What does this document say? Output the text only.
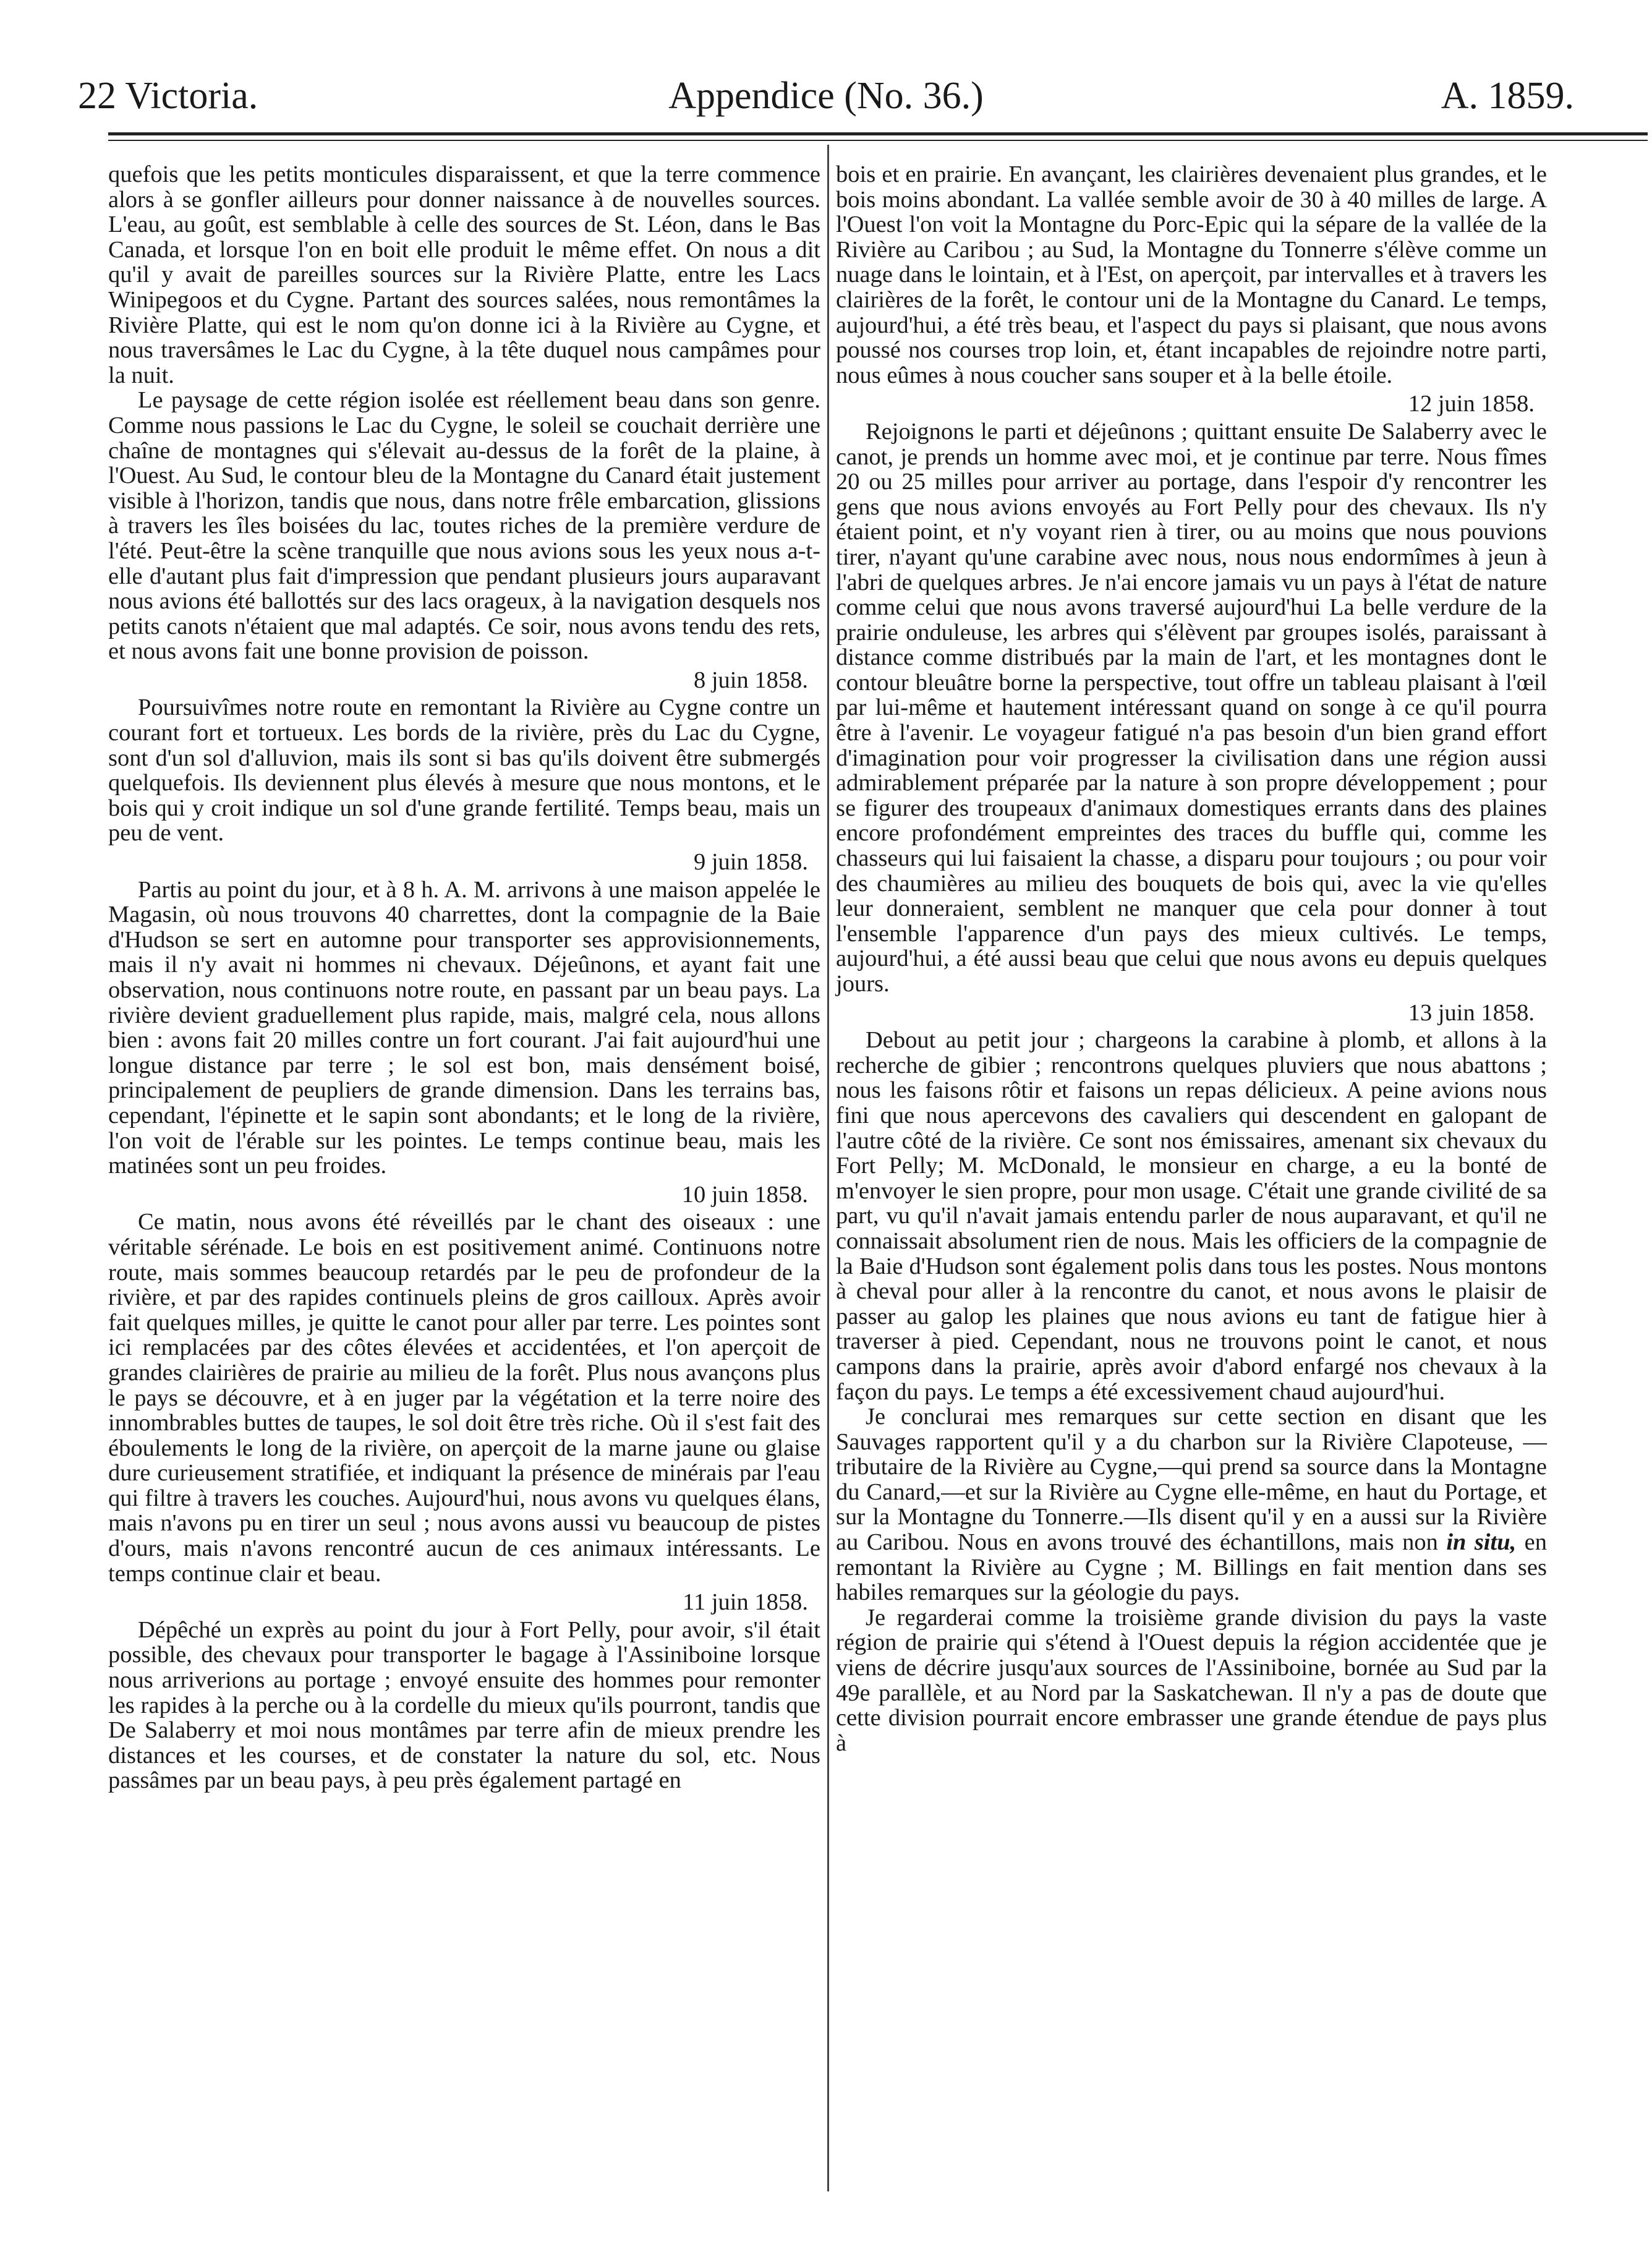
22 Victoria.	Appendice (No. 36.)	A. 1859.

quefois que les petits monticules disparaissent, et que la terre commence alors à se gonfler ailleurs pour donner naissance à de nouvelles sources. L'eau, au goût, est semblable à celle des sources de St. Léon, dans le Bas Canada, et lorsque l'on en boit elle produit le même effet. On nous a dit qu'il y avait de pareilles sources sur la Rivière Platte, entre les Lacs Winipegoos et du Cygne. Partant des sources salées, nous remontâmes la Rivière Platte, qui est le nom qu'on donne ici à la Rivière au Cygne, et nous traversâmes le Lac du Cygne, à la tête duquel nous campâmes pour la nuit.

Le paysage de cette région isolée est réellement beau dans son genre. Comme nous passions le Lac du Cygne, le soleil se couchait derrière une chaîne de montagnes qui s'élevait au-dessus de la forêt de la plaine, à l'Ouest. Au Sud, le contour bleu de la Montagne du Canard était justement visible à l'horizon, tandis que nous, dans notre frêle embarcation, glissions à travers les îles boisées du lac, toutes riches de la première verdure de l'été. Peut-être la scène tranquille que nous avions sous les yeux nous a-t-elle d'autant plus fait d'impression que pendant plusieurs jours auparavant nous avions été ballottés sur des lacs orageux, à la navigation desquels nos petits canots n'étaient que mal adaptés. Ce soir, nous avons tendu des rets, et nous avons fait une bonne provision de poisson.

8 juin 1858.

Poursuivîmes notre route en remontant la Rivière au Cygne contre un courant fort et tortueux. Les bords de la rivière, près du Lac du Cygne, sont d'un sol d'alluvion, mais ils sont si bas qu'ils doivent être submergés quelquefois. Ils deviennent plus élevés à mesure que nous montons, et le bois qui y croit indique un sol d'une grande fertilité. Temps beau, mais un peu de vent.

9 juin 1858.

Partis au point du jour, et à 8 h. A. M. arrivons à une maison appelée le Magasin, où nous trouvons 40 charrettes, dont la compagnie de la Baie d'Hudson se sert en automne pour transporter ses approvisionnements, mais il n'y avait ni hommes ni chevaux. Déjeûnons, et ayant fait une observation, nous continuons notre route, en passant par un beau pays. La rivière devient graduellement plus rapide, mais, malgré cela, nous allons bien : avons fait 20 milles contre un fort courant. J'ai fait aujourd'hui une longue distance par terre ; le sol est bon, mais densément boisé, principalement de peupliers de grande dimension. Dans les terrains bas, cependant, l'épinette et le sapin sont abondants; et le long de la rivière, l'on voit de l'érable sur les pointes. Le temps continue beau, mais les matinées sont un peu froides.

10 juin 1858.

Ce matin, nous avons été réveillés par le chant des oiseaux : une véritable sérénade. Le bois en est positivement animé. Continuons notre route, mais sommes beaucoup retardés par le peu de profondeur de la rivière, et par des rapides continuels pleins de gros cailloux. Après avoir fait quelques milles, je quitte le canot pour aller par terre. Les pointes sont ici remplacées par des côtes élevées et accidentées, et l'on aperçoit de grandes clairières de prairie au milieu de la forêt. Plus nous avançons plus le pays se découvre, et à en juger par la végétation et la terre noire des innombrables buttes de taupes, le sol doit être très riche. Où il s'est fait des éboulements le long de la rivière, on aperçoit de la marne jaune ou glaise dure curieusement stratifiée, et indiquant la présence de minérais par l'eau qui filtre à travers les couches. Aujourd'hui, nous avons vu quelques élans, mais n'avons pu en tirer un seul ; nous avons aussi vu beaucoup de pistes d'ours, mais n'avons rencontré aucun de ces animaux intéressants. Le temps continue clair et beau.

11 juin 1858.

Dépêché un exprès au point du jour à Fort Pelly, pour avoir, s'il était possible, des chevaux pour transporter le bagage à l'Assiniboine lorsque nous arriverions au portage ; envoyé ensuite des hommes pour remonter les rapides à la perche ou à la cordelle du mieux qu'ils pourront, tandis que De Salaberry et moi nous montâmes par terre afin de mieux prendre les distances et les courses, et de constater la nature du sol, etc. Nous passâmes par un beau pays, à peu près également partagé en

bois et en prairie. En avançant, les clairières devenaient plus grandes, et le bois moins abondant. La vallée semble avoir de 30 à 40 milles de large. A l'Ouest l'on voit la Montagne du Porc-Epic qui la sépare de la vallée de la Rivière au Caribou ; au Sud, la Montagne du Tonnerre s'élève comme un nuage dans le lointain, et à l'Est, on aperçoit, par intervalles et à travers les clairières de la forêt, le contour uni de la Montagne du Canard. Le temps, aujourd'hui, a été très beau, et l'aspect du pays si plaisant, que nous avons poussé nos courses trop loin, et, étant incapables de rejoindre notre parti, nous eûmes à nous coucher sans souper et à la belle étoile.

12 juin 1858.

Rejoignons le parti et déjeûnons ; quittant ensuite De Salaberry avec le canot, je prends un homme avec moi, et je continue par terre. Nous fîmes 20 ou 25 milles pour arriver au portage, dans l'espoir d'y rencontrer les gens que nous avions envoyés au Fort Pelly pour des chevaux. Ils n'y étaient point, et n'y voyant rien à tirer, ou au moins que nous pouvions tirer, n'ayant qu'une carabine avec nous, nous nous endormîmes à jeun à l'abri de quelques arbres. Je n'ai encore jamais vu un pays à l'état de nature comme celui que nous avons traversé aujourd'hui La belle verdure de la prairie onduleuse, les arbres qui s'élèvent par groupes isolés, paraissant à distance comme distribués par la main de l'art, et les montagnes dont le contour bleuâtre borne la perspective, tout offre un tableau plaisant à l'œil par lui-même et hautement intéressant quand on songe à ce qu'il pourra être à l'avenir. Le voyageur fatigué n'a pas besoin d'un bien grand effort d'imagination pour voir progresser la civilisation dans une région aussi admirablement préparée par la nature à son propre développement ; pour se figurer des troupeaux d'animaux domestiques errants dans des plaines encore profondément empreintes des traces du buffle qui, comme les chasseurs qui lui faisaient la chasse, a disparu pour toujours ; ou pour voir des chaumières au milieu des bouquets de bois qui, avec la vie qu'elles leur donneraient, semblent ne manquer que cela pour donner à tout l'ensemble l'apparence d'un pays des mieux cultivés. Le temps, aujourd'hui, a été aussi beau que celui que nous avons eu depuis quelques jours.

13 juin 1858.

Debout au petit jour ; chargeons la carabine à plomb, et allons à la recherche de gibier ; rencontrons quelques pluviers que nous abattons ; nous les faisons rôtir et faisons un repas délicieux. A peine avions nous fini que nous apercevons des cavaliers qui descendent en galopant de l'autre côté de la rivière. Ce sont nos émissaires, amenant six chevaux du Fort Pelly; M. McDonald, le monsieur en charge, a eu la bonté de m'envoyer le sien propre, pour mon usage. C'était une grande civilité de sa part, vu qu'il n'avait jamais entendu parler de nous auparavant, et qu'il ne connaissait absolument rien de nous. Mais les officiers de la compagnie de la Baie d'Hudson sont également polis dans tous les postes. Nous montons à cheval pour aller à la rencontre du canot, et nous avons le plaisir de passer au galop les plaines que nous avions eu tant de fatigue hier à traverser à pied. Cependant, nous ne trouvons point le canot, et nous campons dans la prairie, après avoir d'abord enfargé nos chevaux à la façon du pays. Le temps a été excessivement chaud aujourd'hui.

Je conclurai mes remarques sur cette section en disant que les Sauvages rapportent qu'il y a du charbon sur la Rivière Clapoteuse, —tributaire de la Rivière au Cygne,—qui prend sa source dans la Montagne du Canard,—et sur la Rivière au Cygne elle-même, en haut du Portage, et sur la Montagne du Tonnerre.—Ils disent qu'il y en a aussi sur la Rivière au Caribou. Nous en avons trouvé des échantillons, mais non in situ, en remontant la Rivière au Cygne ; M. Billings en fait mention dans ses habiles remarques sur la géologie du pays.

Je regarderai comme la troisième grande division du pays la vaste région de prairie qui s'étend à l'Ouest depuis la région accidentée que je viens de décrire jusqu'aux sources de l'Assiniboine, bornée au Sud par la 49e parallèle, et au Nord par la Saskatchewan. Il n'y a pas de doute que cette division pourrait encore embrasser une grande étendue de pays plus à
